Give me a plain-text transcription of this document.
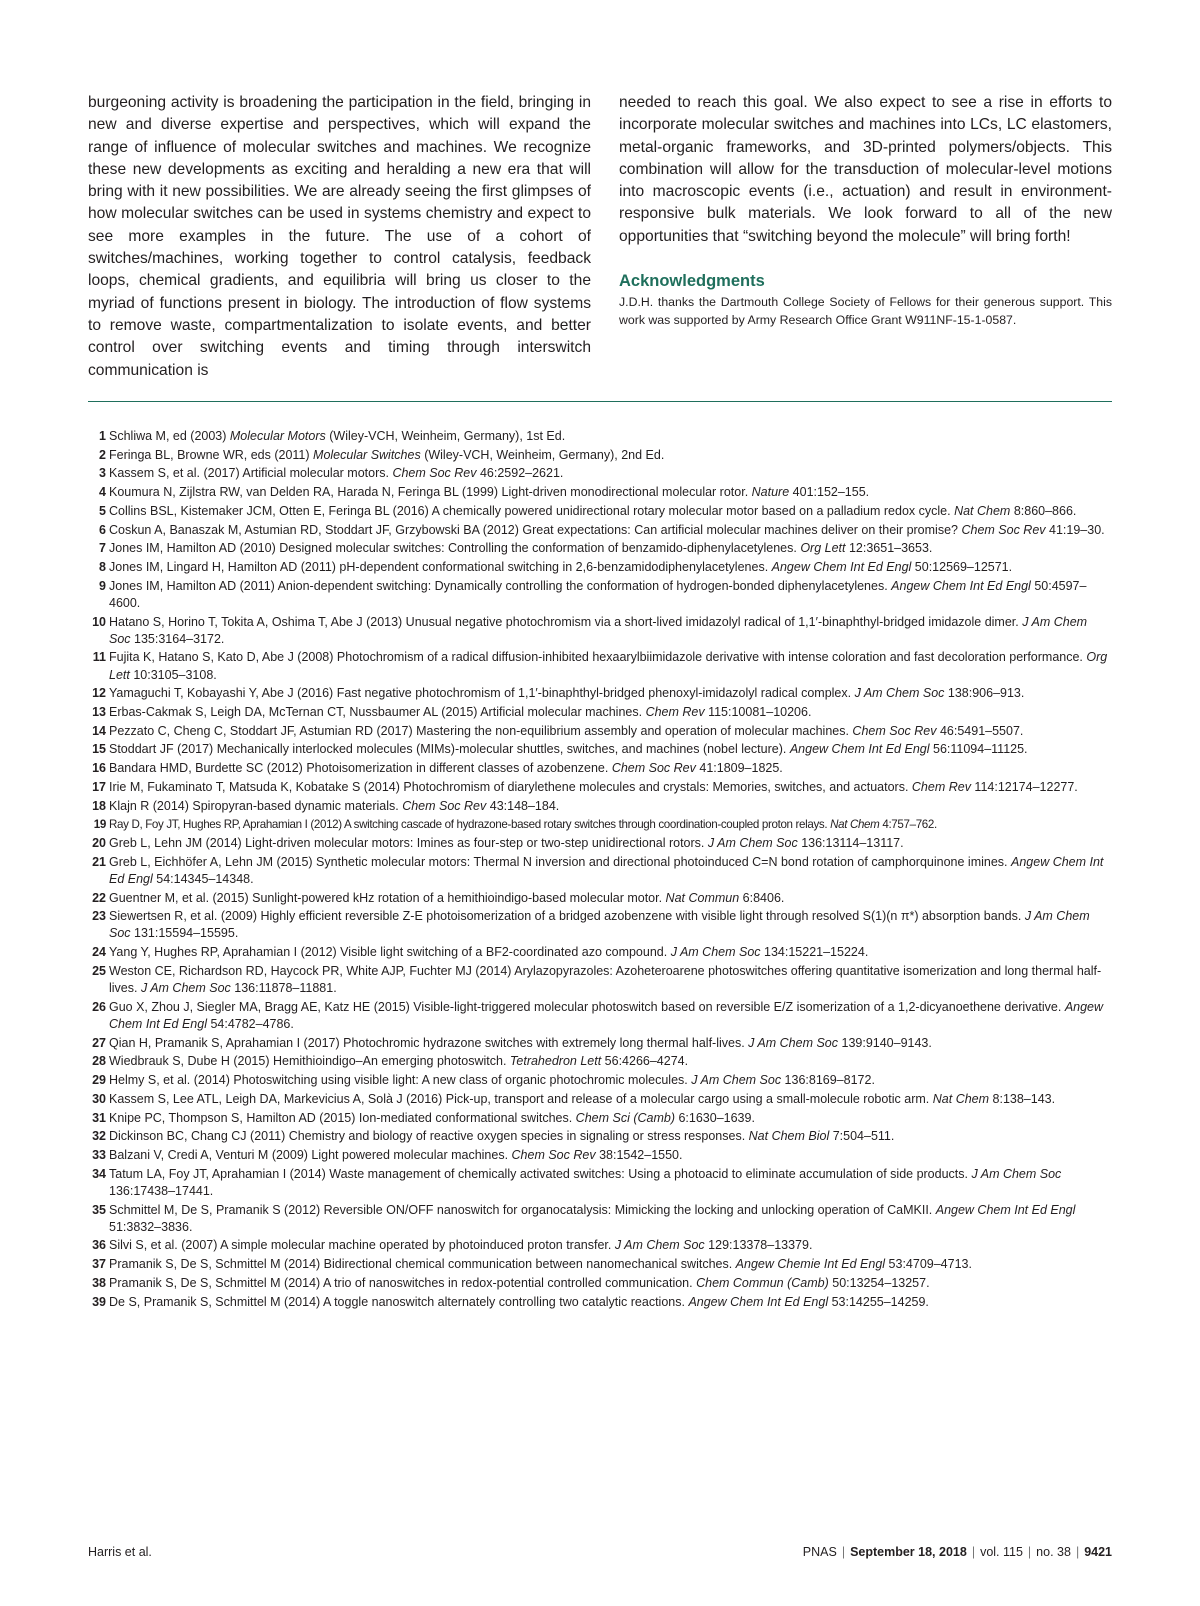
burgeoning activity is broadening the participation in the field, bringing in new and diverse expertise and perspectives, which will expand the range of influence of molecular switches and machines. We recognize these new developments as exciting and heralding a new era that will bring with it new possibilities. We are already seeing the first glimpses of how molecular switches can be used in systems chemistry and expect to see more examples in the future. The use of a cohort of switches/machines, working together to control catalysis, feedback loops, chemical gradients, and equilibria will bring us closer to the myriad of functions present in biology. The introduction of flow systems to remove waste, compartmentalization to isolate events, and better control over switching events and timing through interswitch communication is

needed to reach this goal. We also expect to see a rise in efforts to incorporate molecular switches and machines into LCs, LC elastomers, metal-organic frameworks, and 3D-printed polymers/objects. This combination will allow for the transduction of molecular-level motions into macroscopic events (i.e., actuation) and result in environment-responsive bulk materials. We look forward to all of the new opportunities that “switching beyond the molecule” will bring forth!

Acknowledgments

J.D.H. thanks the Dartmouth College Society of Fellows for their generous support. This work was supported by Army Research Office Grant W911NF-15-1-0587.

1 Schliwa M, ed (2003) Molecular Motors (Wiley-VCH, Weinheim, Germany), 1st Ed.
2 Feringa BL, Browne WR, eds (2011) Molecular Switches (Wiley-VCH, Weinheim, Germany), 2nd Ed.
3 Kassem S, et al. (2017) Artificial molecular motors. Chem Soc Rev 46:2592–2621.
4 Koumura N, Zijlstra RW, van Delden RA, Harada N, Feringa BL (1999) Light-driven monodirectional molecular rotor. Nature 401:152–155.
5 Collins BSL, Kistemaker JCM, Otten E, Feringa BL (2016) A chemically powered unidirectional rotary molecular motor based on a palladium redox cycle. Nat Chem 8:860–866.
6 Coskun A, Banaszak M, Astumian RD, Stoddart JF, Grzybowski BA (2012) Great expectations: Can artificial molecular machines deliver on their promise? Chem Soc Rev 41:19–30.
7 Jones IM, Hamilton AD (2010) Designed molecular switches: Controlling the conformation of benzamido-diphenylacetylenes. Org Lett 12:3651–3653.
8 Jones IM, Lingard H, Hamilton AD (2011) pH-dependent conformational switching in 2,6-benzamidodiphenylacetylenes. Angew Chem Int Ed Engl 50:12569–12571.
9 Jones IM, Hamilton AD (2011) Anion-dependent switching: Dynamically controlling the conformation of hydrogen-bonded diphenylacetylenes. Angew Chem Int Ed Engl 50:4597–4600.
10 Hatano S, Horino T, Tokita A, Oshima T, Abe J (2013) Unusual negative photochromism via a short-lived imidazolyl radical of 1,1′-binaphthyl-bridged imidazole dimer. J Am Chem Soc 135:3164–3172.
11 Fujita K, Hatano S, Kato D, Abe J (2008) Photochromism of a radical diffusion-inhibited hexaarylbiimidazole derivative with intense coloration and fast decoloration performance. Org Lett 10:3105–3108.
12 Yamaguchi T, Kobayashi Y, Abe J (2016) Fast negative photochromism of 1,1′-binaphthyl-bridged phenoxyl-imidazolyl radical complex. J Am Chem Soc 138:906–913.
13 Erbas-Cakmak S, Leigh DA, McTernan CT, Nussbaumer AL (2015) Artificial molecular machines. Chem Rev 115:10081–10206.
14 Pezzato C, Cheng C, Stoddart JF, Astumian RD (2017) Mastering the non-equilibrium assembly and operation of molecular machines. Chem Soc Rev 46:5491–5507.
15 Stoddart JF (2017) Mechanically interlocked molecules (MIMs)-molecular shuttles, switches, and machines (nobel lecture). Angew Chem Int Ed Engl 56:11094–11125.
16 Bandara HMD, Burdette SC (2012) Photoisomerization in different classes of azobenzene. Chem Soc Rev 41:1809–1825.
17 Irie M, Fukaminato T, Matsuda K, Kobatake S (2014) Photochromism of diarylethene molecules and crystals: Memories, switches, and actuators. Chem Rev 114:12174–12277.
18 Klajn R (2014) Spiropyran-based dynamic materials. Chem Soc Rev 43:148–184.
19 Ray D, Foy JT, Hughes RP, Aprahamian I (2012) A switching cascade of hydrazone-based rotary switches through coordination-coupled proton relays. Nat Chem 4:757–762.
20 Greb L, Lehn JM (2014) Light-driven molecular motors: Imines as four-step or two-step unidirectional rotors. J Am Chem Soc 136:13114–13117.
21 Greb L, Eichhöfer A, Lehn JM (2015) Synthetic molecular motors: Thermal N inversion and directional photoinduced C=N bond rotation of camphorquinone imines. Angew Chem Int Ed Engl 54:14345–14348.
22 Guentner M, et al. (2015) Sunlight-powered kHz rotation of a hemithioindigo-based molecular motor. Nat Commun 6:8406.
23 Siewertsen R, et al. (2009) Highly efficient reversible Z-E photoisomerization of a bridged azobenzene with visible light through resolved S(1)(n π*) absorption bands. J Am Chem Soc 131:15594–15595.
24 Yang Y, Hughes RP, Aprahamian I (2012) Visible light switching of a BF2-coordinated azo compound. J Am Chem Soc 134:15221–15224.
25 Weston CE, Richardson RD, Haycock PR, White AJP, Fuchter MJ (2014) Arylazopyrazoles: Azoheteroarene photoswitches offering quantitative isomerization and long thermal half-lives. J Am Chem Soc 136:11878–11881.
26 Guo X, Zhou J, Siegler MA, Bragg AE, Katz HE (2015) Visible-light-triggered molecular photoswitch based on reversible E/Z isomerization of a 1,2-dicyanoethene derivative. Angew Chem Int Ed Engl 54:4782–4786.
27 Qian H, Pramanik S, Aprahamian I (2017) Photochromic hydrazone switches with extremely long thermal half-lives. J Am Chem Soc 139:9140–9143.
28 Wiedbrauk S, Dube H (2015) Hemithioindigo–An emerging photoswitch. Tetrahedron Lett 56:4266–4274.
29 Helmy S, et al. (2014) Photoswitching using visible light: A new class of organic photochromic molecules. J Am Chem Soc 136:8169–8172.
30 Kassem S, Lee ATL, Leigh DA, Markevicius A, Solà J (2016) Pick-up, transport and release of a molecular cargo using a small-molecule robotic arm. Nat Chem 8:138–143.
31 Knipe PC, Thompson S, Hamilton AD (2015) Ion-mediated conformational switches. Chem Sci (Camb) 6:1630–1639.
32 Dickinson BC, Chang CJ (2011) Chemistry and biology of reactive oxygen species in signaling or stress responses. Nat Chem Biol 7:504–511.
33 Balzani V, Credi A, Venturi M (2009) Light powered molecular machines. Chem Soc Rev 38:1542–1550.
34 Tatum LA, Foy JT, Aprahamian I (2014) Waste management of chemically activated switches: Using a photoacid to eliminate accumulation of side products. J Am Chem Soc 136:17438–17441.
35 Schmittel M, De S, Pramanik S (2012) Reversible ON/OFF nanoswitch for organocatalysis: Mimicking the locking and unlocking operation of CaMKII. Angew Chem Int Ed Engl 51:3832–3836.
36 Silvi S, et al. (2007) A simple molecular machine operated by photoinduced proton transfer. J Am Chem Soc 129:13378–13379.
37 Pramanik S, De S, Schmittel M (2014) Bidirectional chemical communication between nanomechanical switches. Angew Chemie Int Ed Engl 53:4709–4713.
38 Pramanik S, De S, Schmittel M (2014) A trio of nanoswitches in redox-potential controlled communication. Chem Commun (Camb) 50:13254–13257.
39 De S, Pramanik S, Schmittel M (2014) A toggle nanoswitch alternately controlling two catalytic reactions. Angew Chem Int Ed Engl 53:14255–14259.
Harris et al.	PNAS | September 18, 2018 | vol. 115 | no. 38 | 9421
